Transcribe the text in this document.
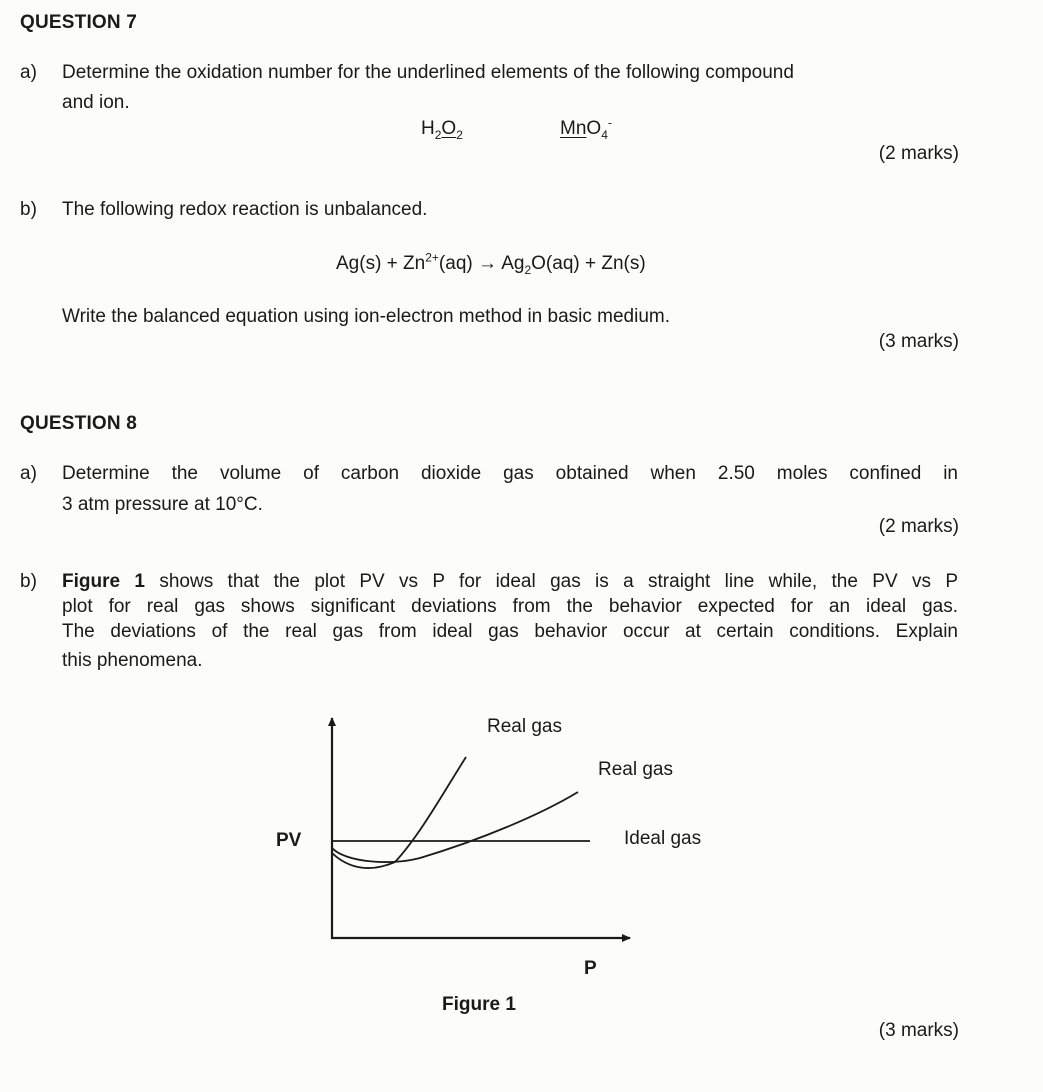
QUESTION 7
a) Determine the oxidation number for the underlined elements of the following compound
and ion.
$H_2O_2$	MnO$_4$-
(2 marks)
b) The following redox reaction is unbalanced.
$Ag(s) + Zn^{2+}(aq) \to Ag_2O(aq) + Zn(s)$
Write the balanced equation using ion-electron method in basic medium.
(3 marks)
QUESTION 8
a) Determine the volume of carbon dioxide gas obtained when 2.50 moles confined in
3 atm pressure at 10°C.
(2 marks)
b) Figure 1 shows that the plot PV vs P for ideal gas is a straight line while, the PV vs P
plot for real gas shows significant deviations from the behavior expected for an ideal gas.
The deviations of the real gas from ideal gas behavior occur at certain conditions. Explain
this phenomena.
Real gas
Real gas
Ideal gas
PV
P
Figure 1
(3 marks)
